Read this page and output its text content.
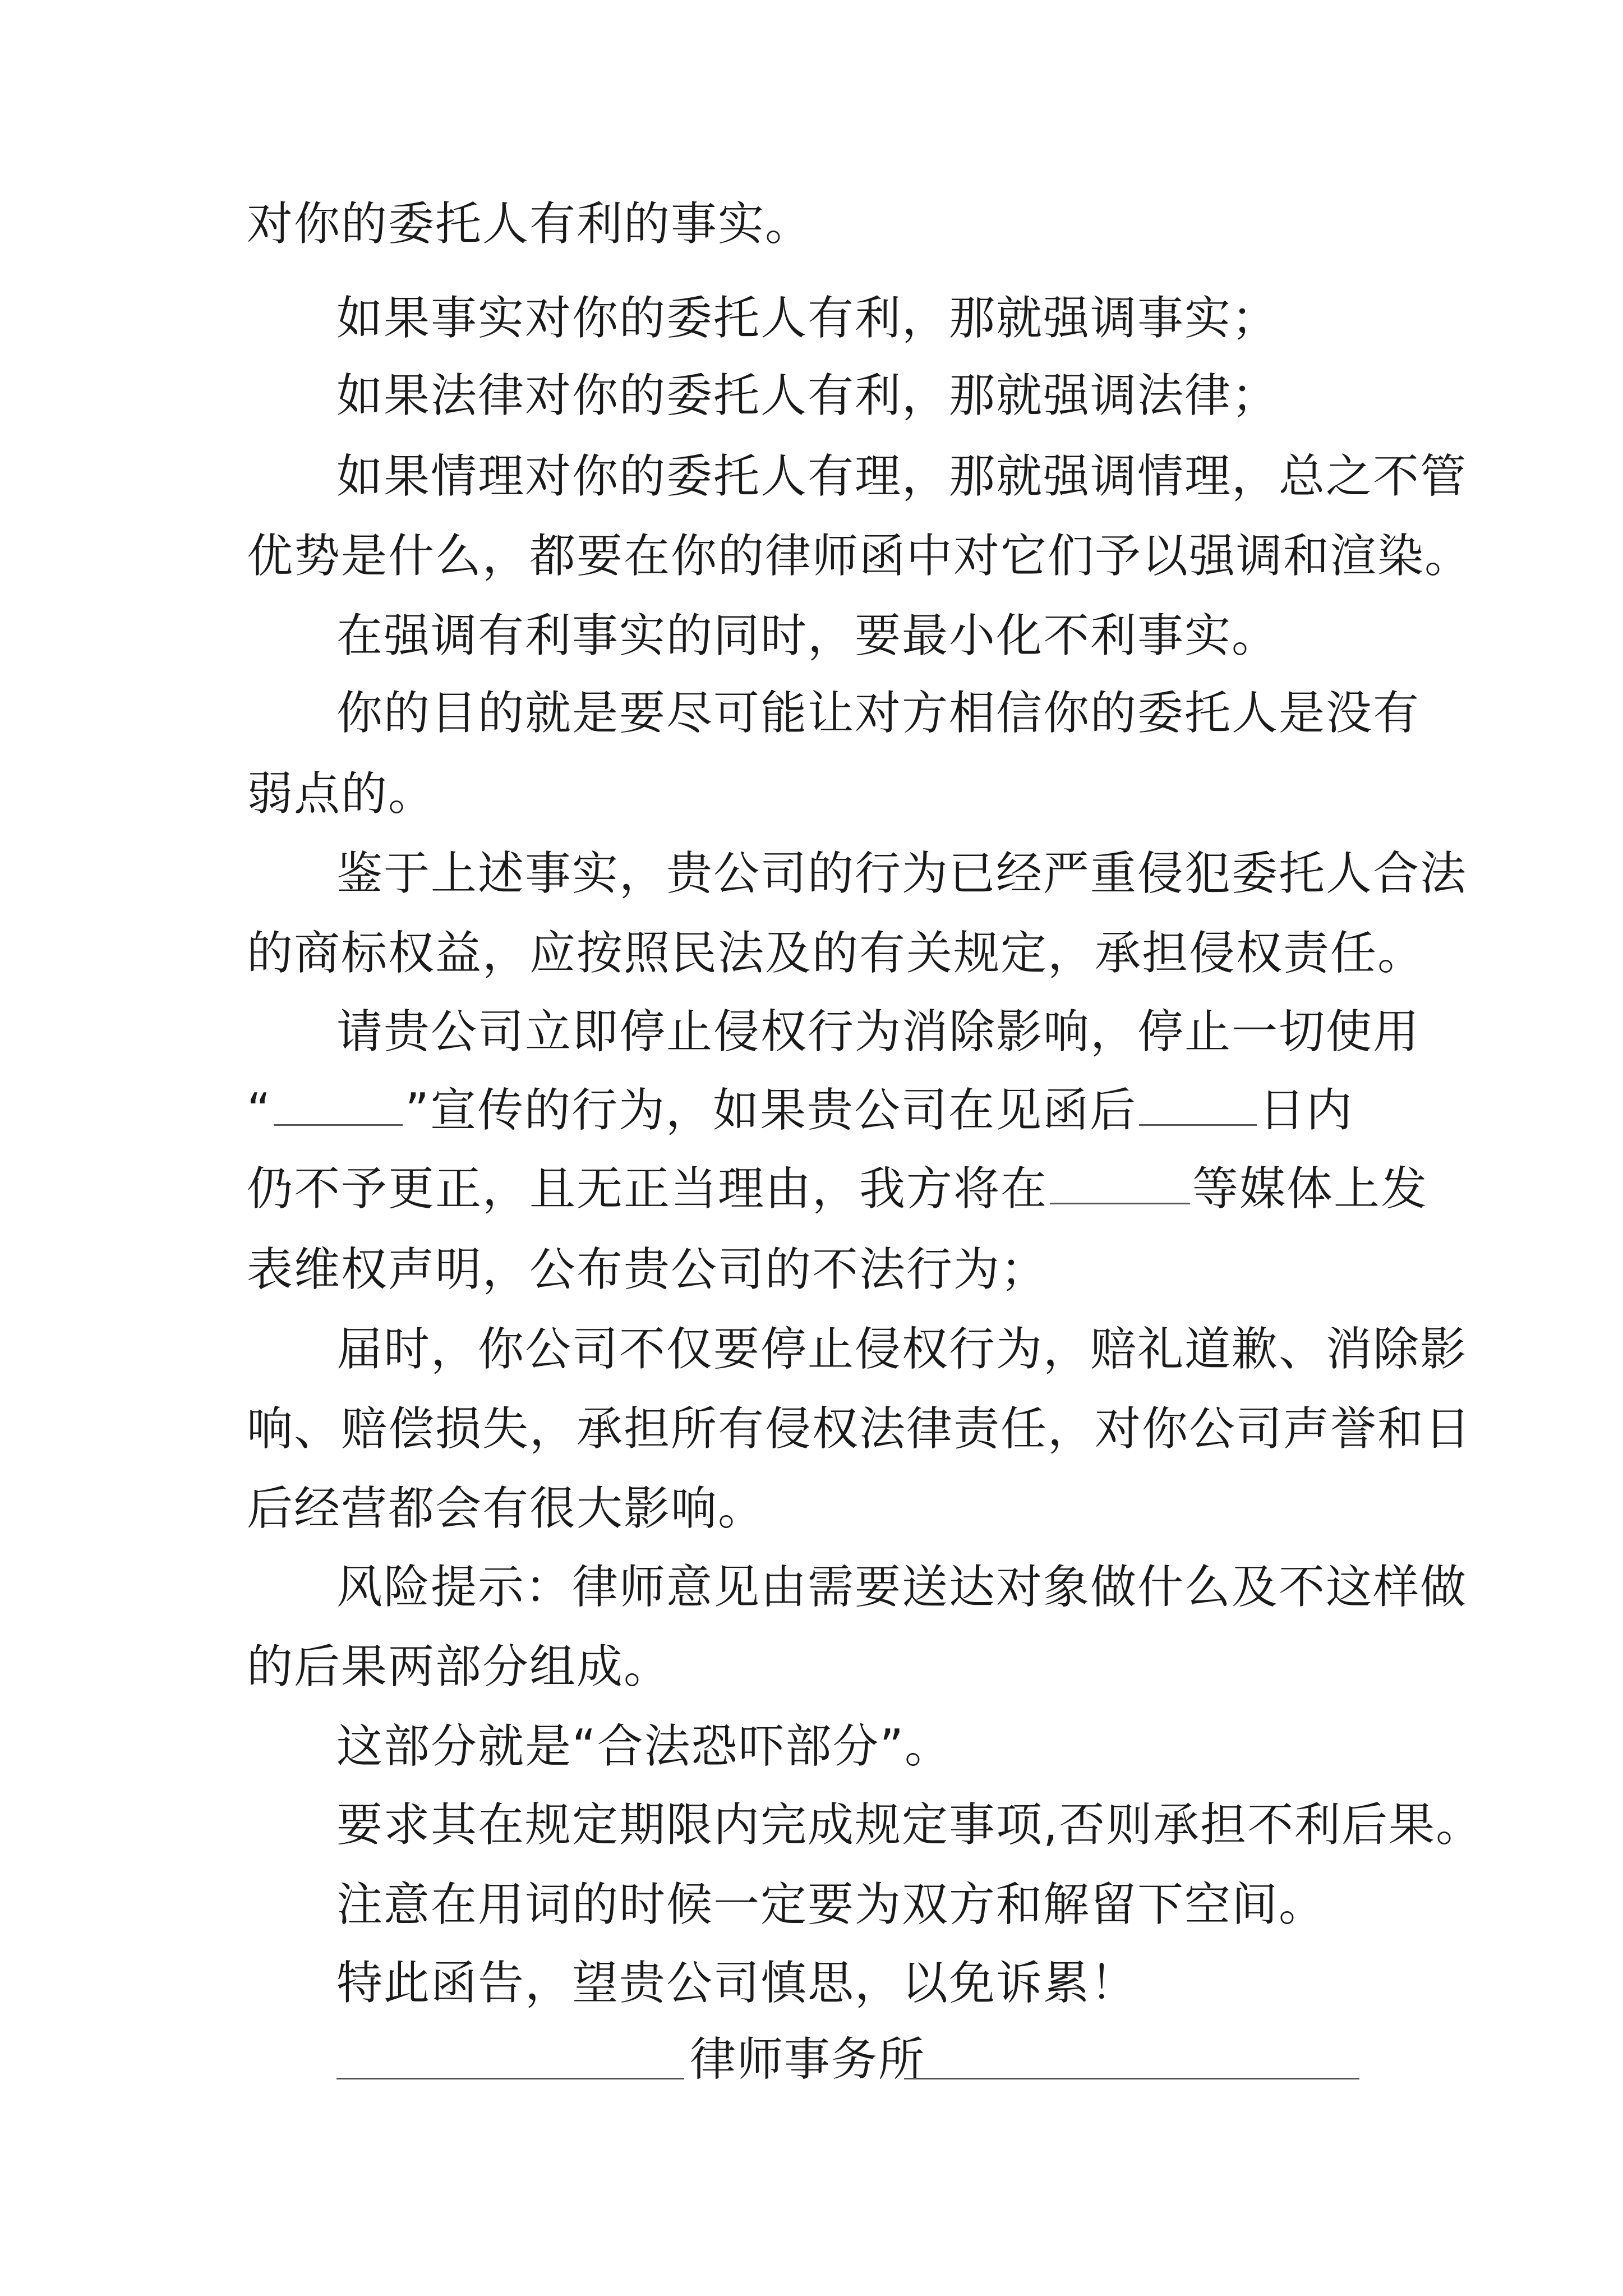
对你的委托人有利的事实。
如果事实对你的委托人有利，那就强调事实；
如果法律对你的委托人有利，那就强调法律；
如果情理对你的委托人有理，那就强调情理，总之不管
优势是什么，都要在你的律师函中对它们予以强调和渲染。
在强调有利事实的同时，要最小化不利事实。
你的目的就是要尽可能让对方相信你的委托人是没有
弱点的。
鉴于上述事实，贵公司的行为已经严重侵犯委托人合法
的商标权益，应按照民法及的有关规定，承担侵权责任。
请贵公司立即停止侵权行为消除影响，停止一切使用
“	”宣传的行为，如果贵公司在见函后	日内
仍不予更正，且无正当理由，我方将在	等媒体上发
表维权声明，公布贵公司的不法行为；
届时，你公司不仅要停止侵权行为，赔礼道歉、消除影
响、赔偿损失，承担所有侵权法律责任，对你公司声誉和日
后经营都会有很大影响。
风险提示：律师意见由需要送达对象做什么及不这样做
的后果两部分组成。
这部分就是“合法恐吓部分”。
要求其在规定期限内完成规定事项,否则承担不利后果。
注意在用词的时候一定要为双方和解留下空间。
特此函告，望贵公司慎思，以免诉累！
律师事务所
